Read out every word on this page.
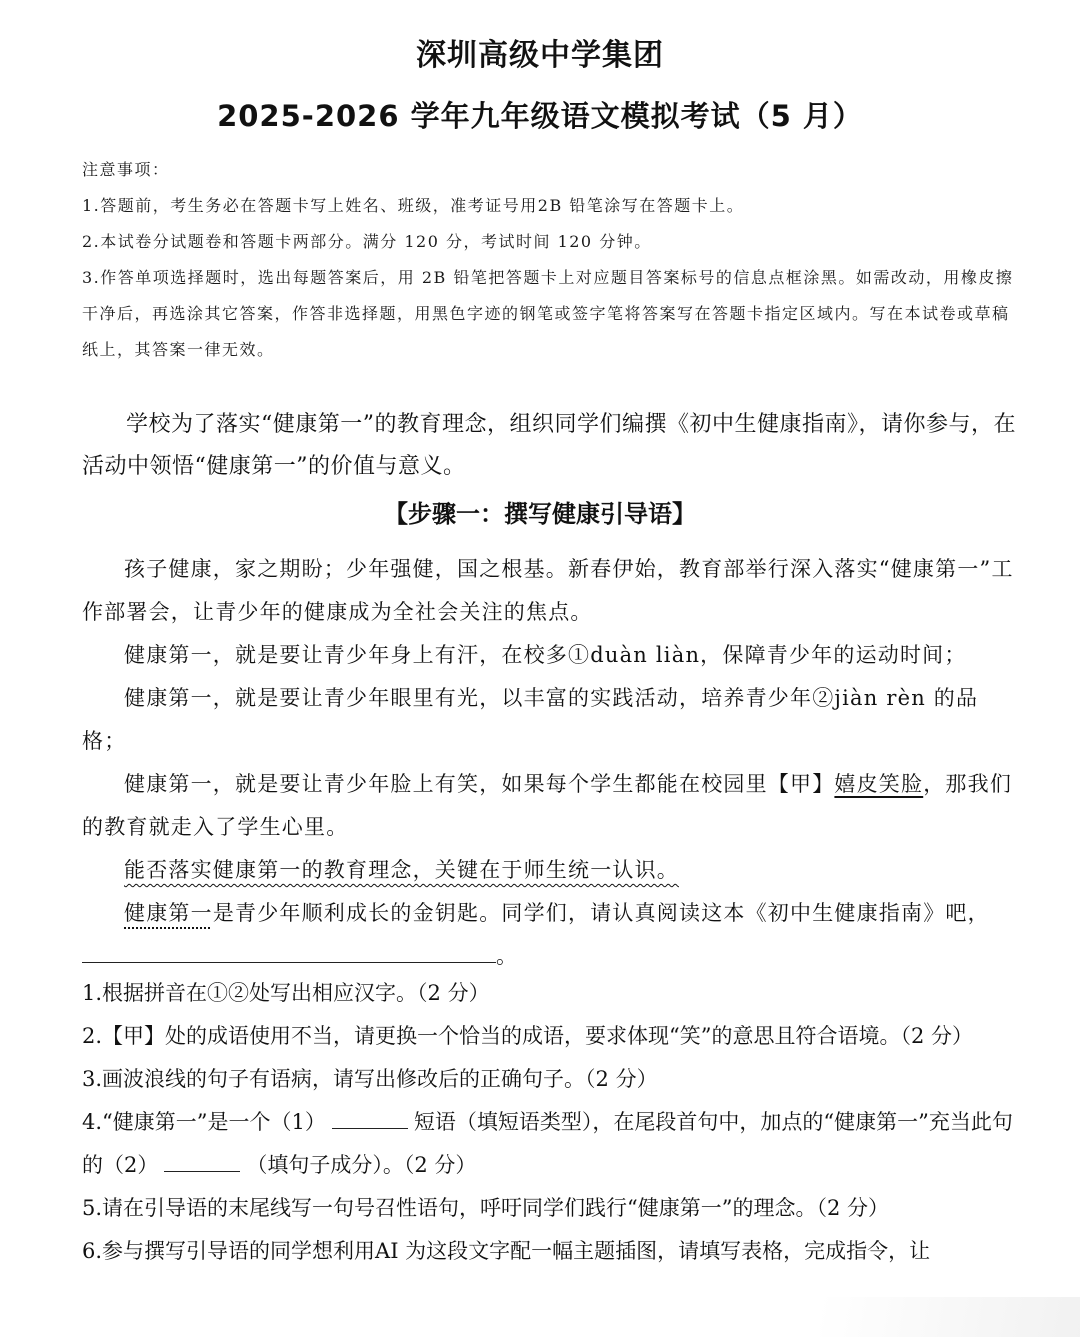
深圳高级中学集团
2025-2026 学年九年级语文模拟考试（5 月）
注意事项：
1.答题前，考生务必在答题卡写上姓名、班级，准考证号用2B 铅笔涂写在答题卡上。
2.本试卷分试题卷和答题卡两部分。满分 120 分，考试时间 120 分钟。
3.作答单项选择题时，选出每题答案后，用 2B 铅笔把答题卡上对应题目答案标号的信息点框涂黑。如需改动，用橡皮擦干净后，再选涂其它答案，作答非选择题，用黑色字迹的钢笔或签字笔将答案写在答题卡指定区域内。写在本试卷或草稿纸上，其答案一律无效。
学校为了落实“健康第一”的教育理念，组织同学们编撰《初中生健康指南》，请你参与，在活动中领悟“健康第一”的价值与意义。
【步骤一：撰写健康引导语】

孩子健康，家之期盼；少年强健，国之根基。新春伊始，教育部举行深入落实“健康第一”工作部署会，让青少年的健康成为全社会关注的焦点。

健康第一，就是要让青少年身上有汗，在校多①duàn liàn，保障青少年的运动时间；

健康第一，就是要让青少年眼里有光，以丰富的实践活动，培养青少年②jiàn rèn 的品格；

健康第一，就是要让青少年脸上有笑，如果每个学生都能在校园里【甲】嬉皮笑脸，那我们的教育就走入了学生心里。

能否落实健康第一的教育理念，关键在于师生统一认识。

健康第一是青少年顺利成长的金钥匙。同学们，请认真阅读这本《初中生健康指南》吧，

。

1.根据拼音在①②处写出相应汉字。（2 分）

2.【甲】处的成语使用不当，请更换一个恰当的成语，要求体现“笑”的意思且符合语境。（2 分）

3.画波浪线的句子有语病，请写出修改后的正确句子。（2 分）

4.“健康第一”是一个（1）	短语（填短语类型），在尾段首句中，加点的“健康第一”充当此句的（2）	（填句子成分）。（2 分）

5.请在引导语的末尾线写一句号召性语句，呼吁同学们践行“健康第一”的理念。（2 分）

6.参与撰写引导语的同学想利用AI 为这段文字配一幅主题插图，请填写表格，完成指令，让
